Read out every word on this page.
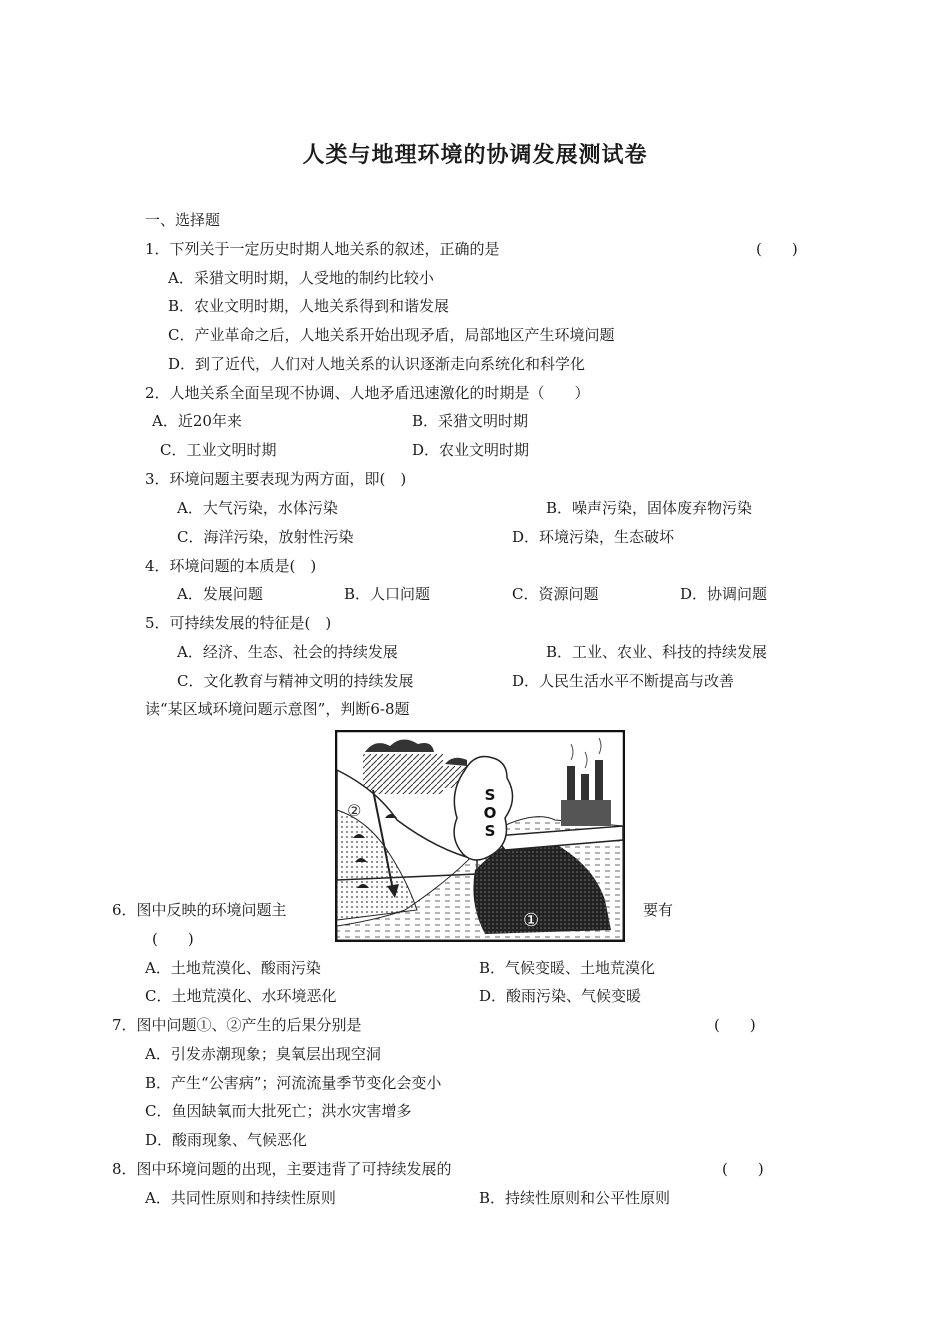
人类与地理环境的协调发展测试卷
一、选择题
1．下列关于一定历史时期人地关系的叙述，正确的是	(　　)
A．采猎文明时期，人受地的制约比较小
B．农业文明时期，人地关系得到和谐发展
C．产业革命之后，人地关系开始出现矛盾，局部地区产生环境问题
D．到了近代，人们对人地关系的认识逐渐走向系统化和科学化
2．人地关系全面呈现不协调、人地矛盾迅速激化的时期是（　　）
A．近20年来	B．采猎文明时期
C．工业文明时期	D．农业文明时期
3．环境问题主要表现为两方面，即(　)
A．大气污染，水体污染	B．噪声污染，固体废弃物污染
C．海洋污染，放射性污染	D．环境污染，生态破坏
4．环境问题的本质是(　)
A．发展问题	B．人口问题	C．资源问题	D．协调问题
5．可持续发展的特征是(　)
A．经济、生态、社会的持续发展	B．工业、农业、科技的持续发展
C．文化教育与精神文明的持续发展	D．人民生活水平不断提高与改善
读“某区域环境问题示意图”，判断6-8题
②
S
O
S
①
6．图中反映的环境问题主	要有
(　　)
A．土地荒漠化、酸雨污染	B．气候变暖、土地荒漠化
C．土地荒漠化、水环境恶化	D．酸雨污染、气候变暖
7．图中问题①、②产生的后果分别是	(　　)
A．引发赤潮现象；臭氧层出现空洞
B．产生“公害病”；河流流量季节变化会变小
C．鱼因缺氧而大批死亡；洪水灾害增多
D．酸雨现象、气候恶化
8．图中环境问题的出现，主要违背了可持续发展的	(　　)
A．共同性原则和持续性原则	B．持续性原则和公平性原则
